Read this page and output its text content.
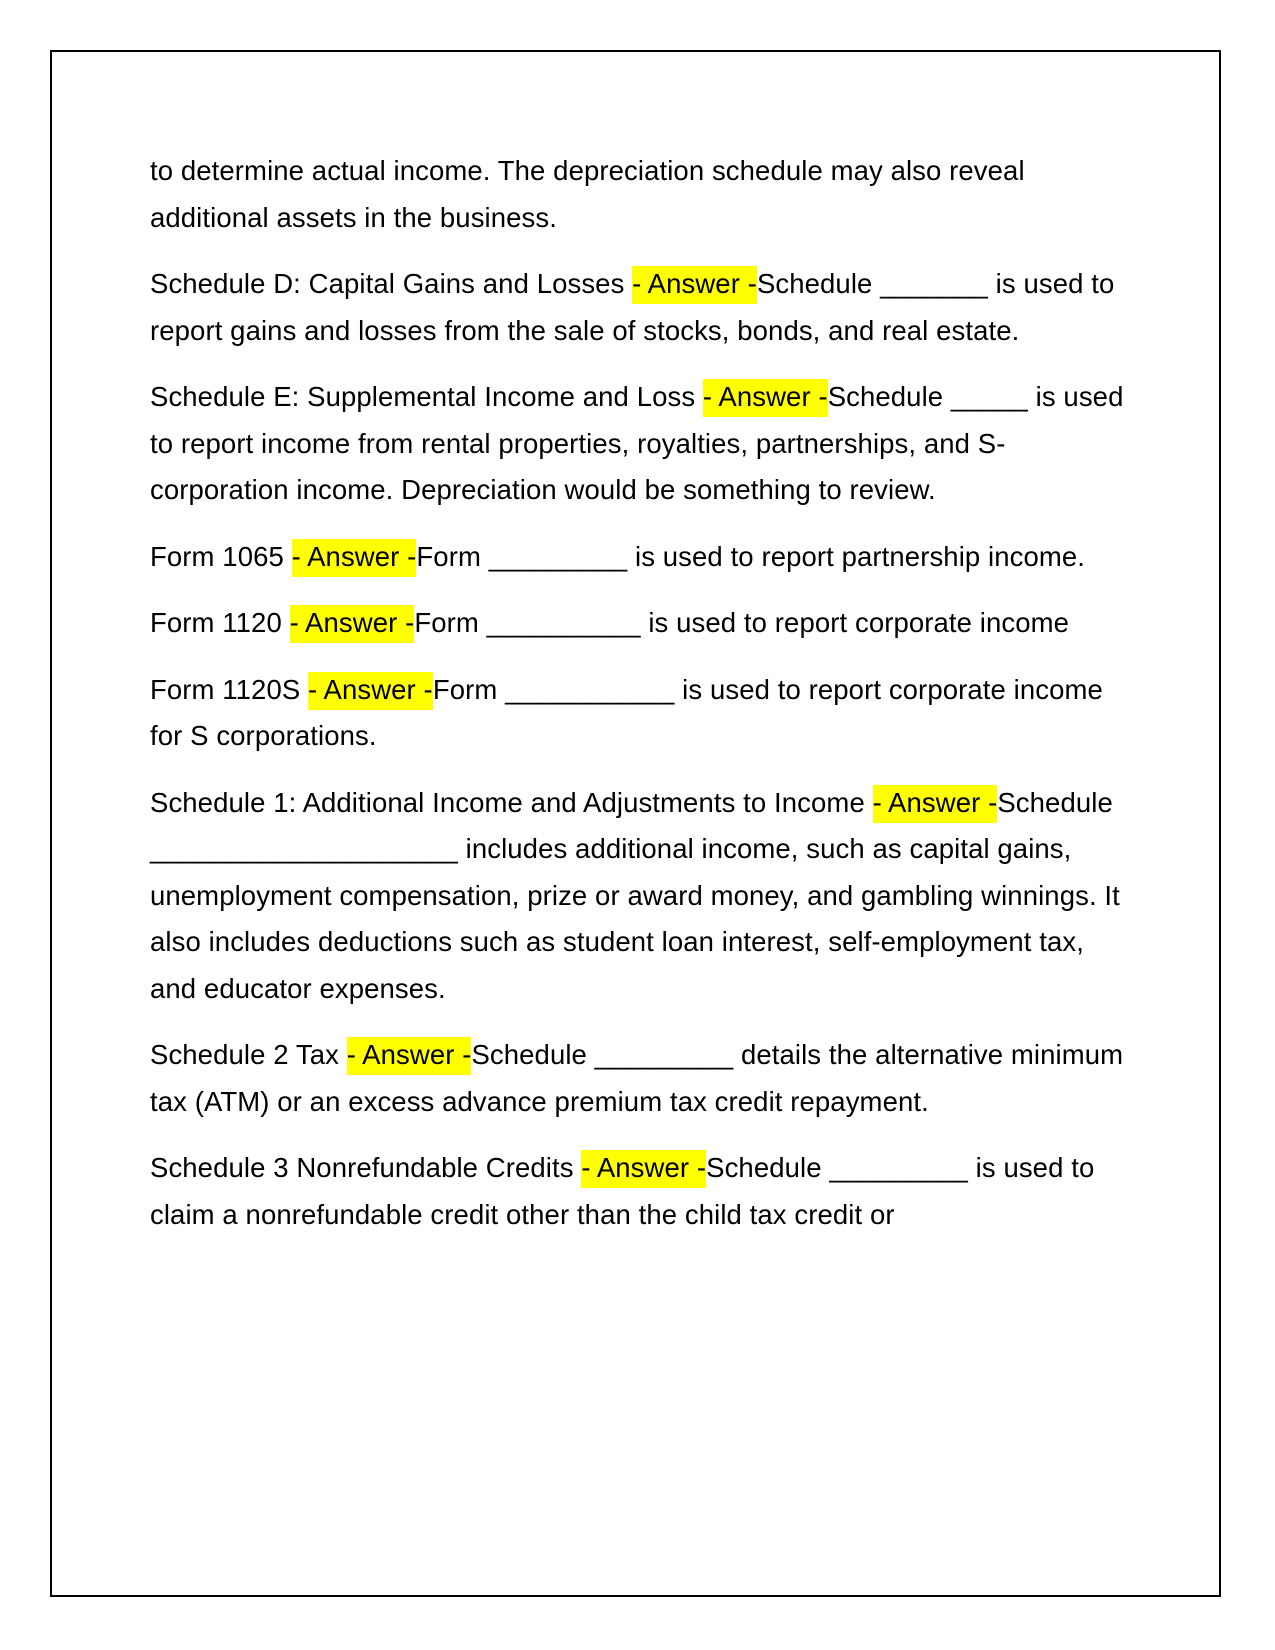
to determine actual income. The depreciation schedule may also reveal additional assets in the business.

Schedule D: Capital Gains and Losses - Answer -Schedule _______ is used to report gains and losses from the sale of stocks, bonds, and real estate.

Schedule E: Supplemental Income and Loss - Answer -Schedule _____ is used to report income from rental properties, royalties, partnerships, and S-corporation income. Depreciation would be something to review.

Form 1065 - Answer -Form _________ is used to report partnership income.

Form 1120 - Answer -Form __________ is used to report corporate income

Form 1120S - Answer -Form ___________ is used to report corporate income for S corporations.

Schedule 1: Additional Income and Adjustments to Income - Answer -Schedule ____________________ includes additional income, such as capital gains, unemployment compensation, prize or award money, and gambling winnings. It also includes deductions such as student loan interest, self-employment tax, and educator expenses.

Schedule 2 Tax - Answer -Schedule _________ details the alternative minimum tax (ATM) or an excess advance premium tax credit repayment.

Schedule 3 Nonrefundable Credits - Answer -Schedule _________ is used to claim a nonrefundable credit other than the child tax credit or
